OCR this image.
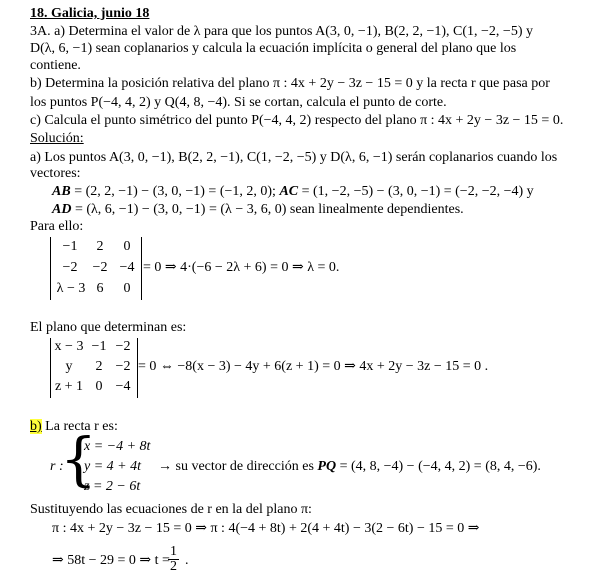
18. Galicia, junio 18
3A. a) Determina el valor de λ para que los puntos A(3, 0, −1), B(2, 2, −1), C(1, −2, −5) y
D(λ, 6, −1) sean coplanarios y calcula la ecuación implícita o general del plano que los
contiene.
b) Determina la posición relativa del plano π : 4x + 2y − 3z − 15 = 0 y la recta r que pasa por
los puntos P(−4, 4, 2) y Q(4, 8, −4). Si se cortan, calcula el punto de corte.
c) Calcula el punto simétrico del punto P(−4, 4, 2) respecto del plano π : 4x + 2y − 3z − 15 = 0.
Solución:
a) Los puntos A(3, 0, −1), B(2, 2, −1), C(1, −2, −5) y D(λ, 6, −1) serán coplanarios cuando los
vectores:
AB = (2, 2, −1) − (3, 0, −1) = (−1, 2, 0); AC = (1, −2, −5) − (3, 0, −1) = (−2, −2, −4) y
AD = (λ, 6, −1) − (3, 0, −1) = (λ − 3, 6, 0) sean linealmente dependientes.
Para ello:
−1	2	0
−2	−2 −4
λ − 3 6	0
= 0 ⇒ 4·(−6 − 2λ + 6) = 0 ⇒ λ = 0.
El plano que determinan es:
x − 3 −1 −2
y	2 −2
z + 1 0 −4
= 0 ⇔ −8(x − 3) − 4y + 6(z + 1) = 0 ⇒ 4x + 2y − 3z − 15 = 0 .
b) La recta r es:
r :
{
x = −4 + 8t
y = 4 + 4t
z = 2 − 6t
→ su vector de dirección es PQ = (4, 8, −4) − (−4, 4, 2) = (8, 4, −6).
Sustituyendo las ecuaciones de r en la del plano π:
π : 4x + 2y − 3z − 15 = 0 ⇒ π : 4(−4 + 8t) + 2(4 + 4t) − 3(2 − 6t) − 15 = 0 ⇒
⇒ 58t − 29 = 0 ⇒ t =
$\frac{1}{2}$ .
